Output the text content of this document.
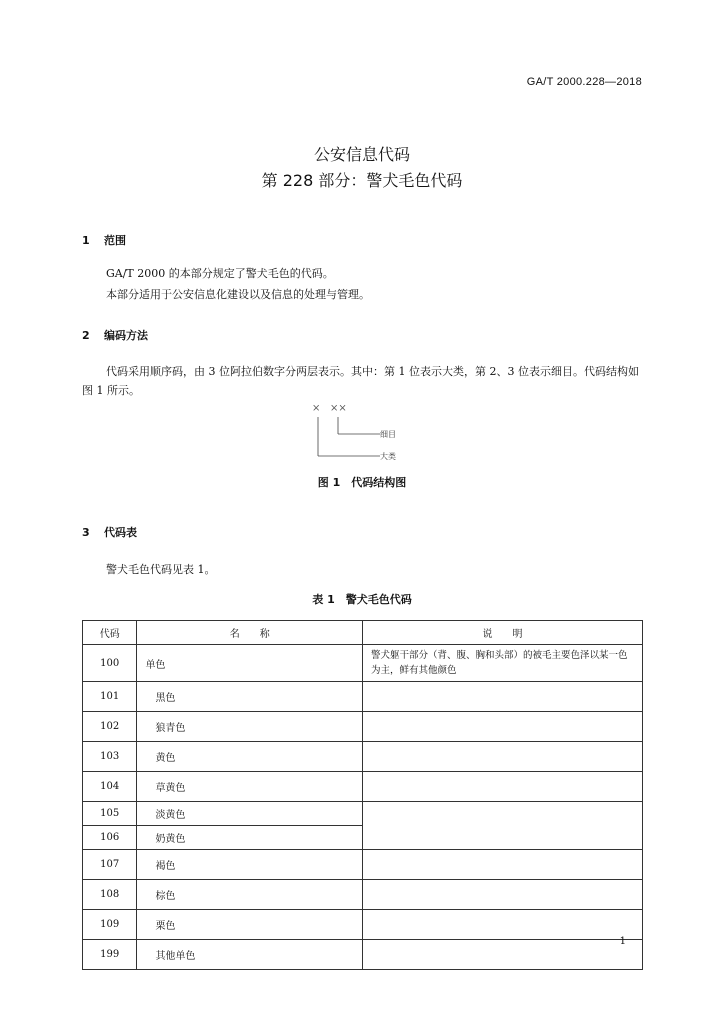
GA/T 2000.228—2018
公安信息代码
第 228 部分：警犬毛色代码
1 范围

GA/T 2000 的本部分规定了警犬毛色的代码。

本部分适用于公安信息化建设以及信息的处理与管理。

2 编码方法

代码采用顺序码，由 3 位阿拉伯数字分两层表示。其中：第 1 位表示大类，第 2、3 位表示细目。代码结构如图 1 所示。

× ××
细目
大类
图 1　代码结构图
3 代码表

警犬毛色代码见表 1。

表 1　警犬毛色代码
代码	名　　称	说　　明
100	单色	警犬躯干部分（背、腹、胸和头部）的被毛主要色泽以某一色为主，鲜有其他颜色
101	黑色	
102	狼青色	
103	黄色	
104	草黄色	
105	淡黄色	
106	奶黄色	
107	褐色	
108	棕色	
109	栗色	
199	其他单色	
1
